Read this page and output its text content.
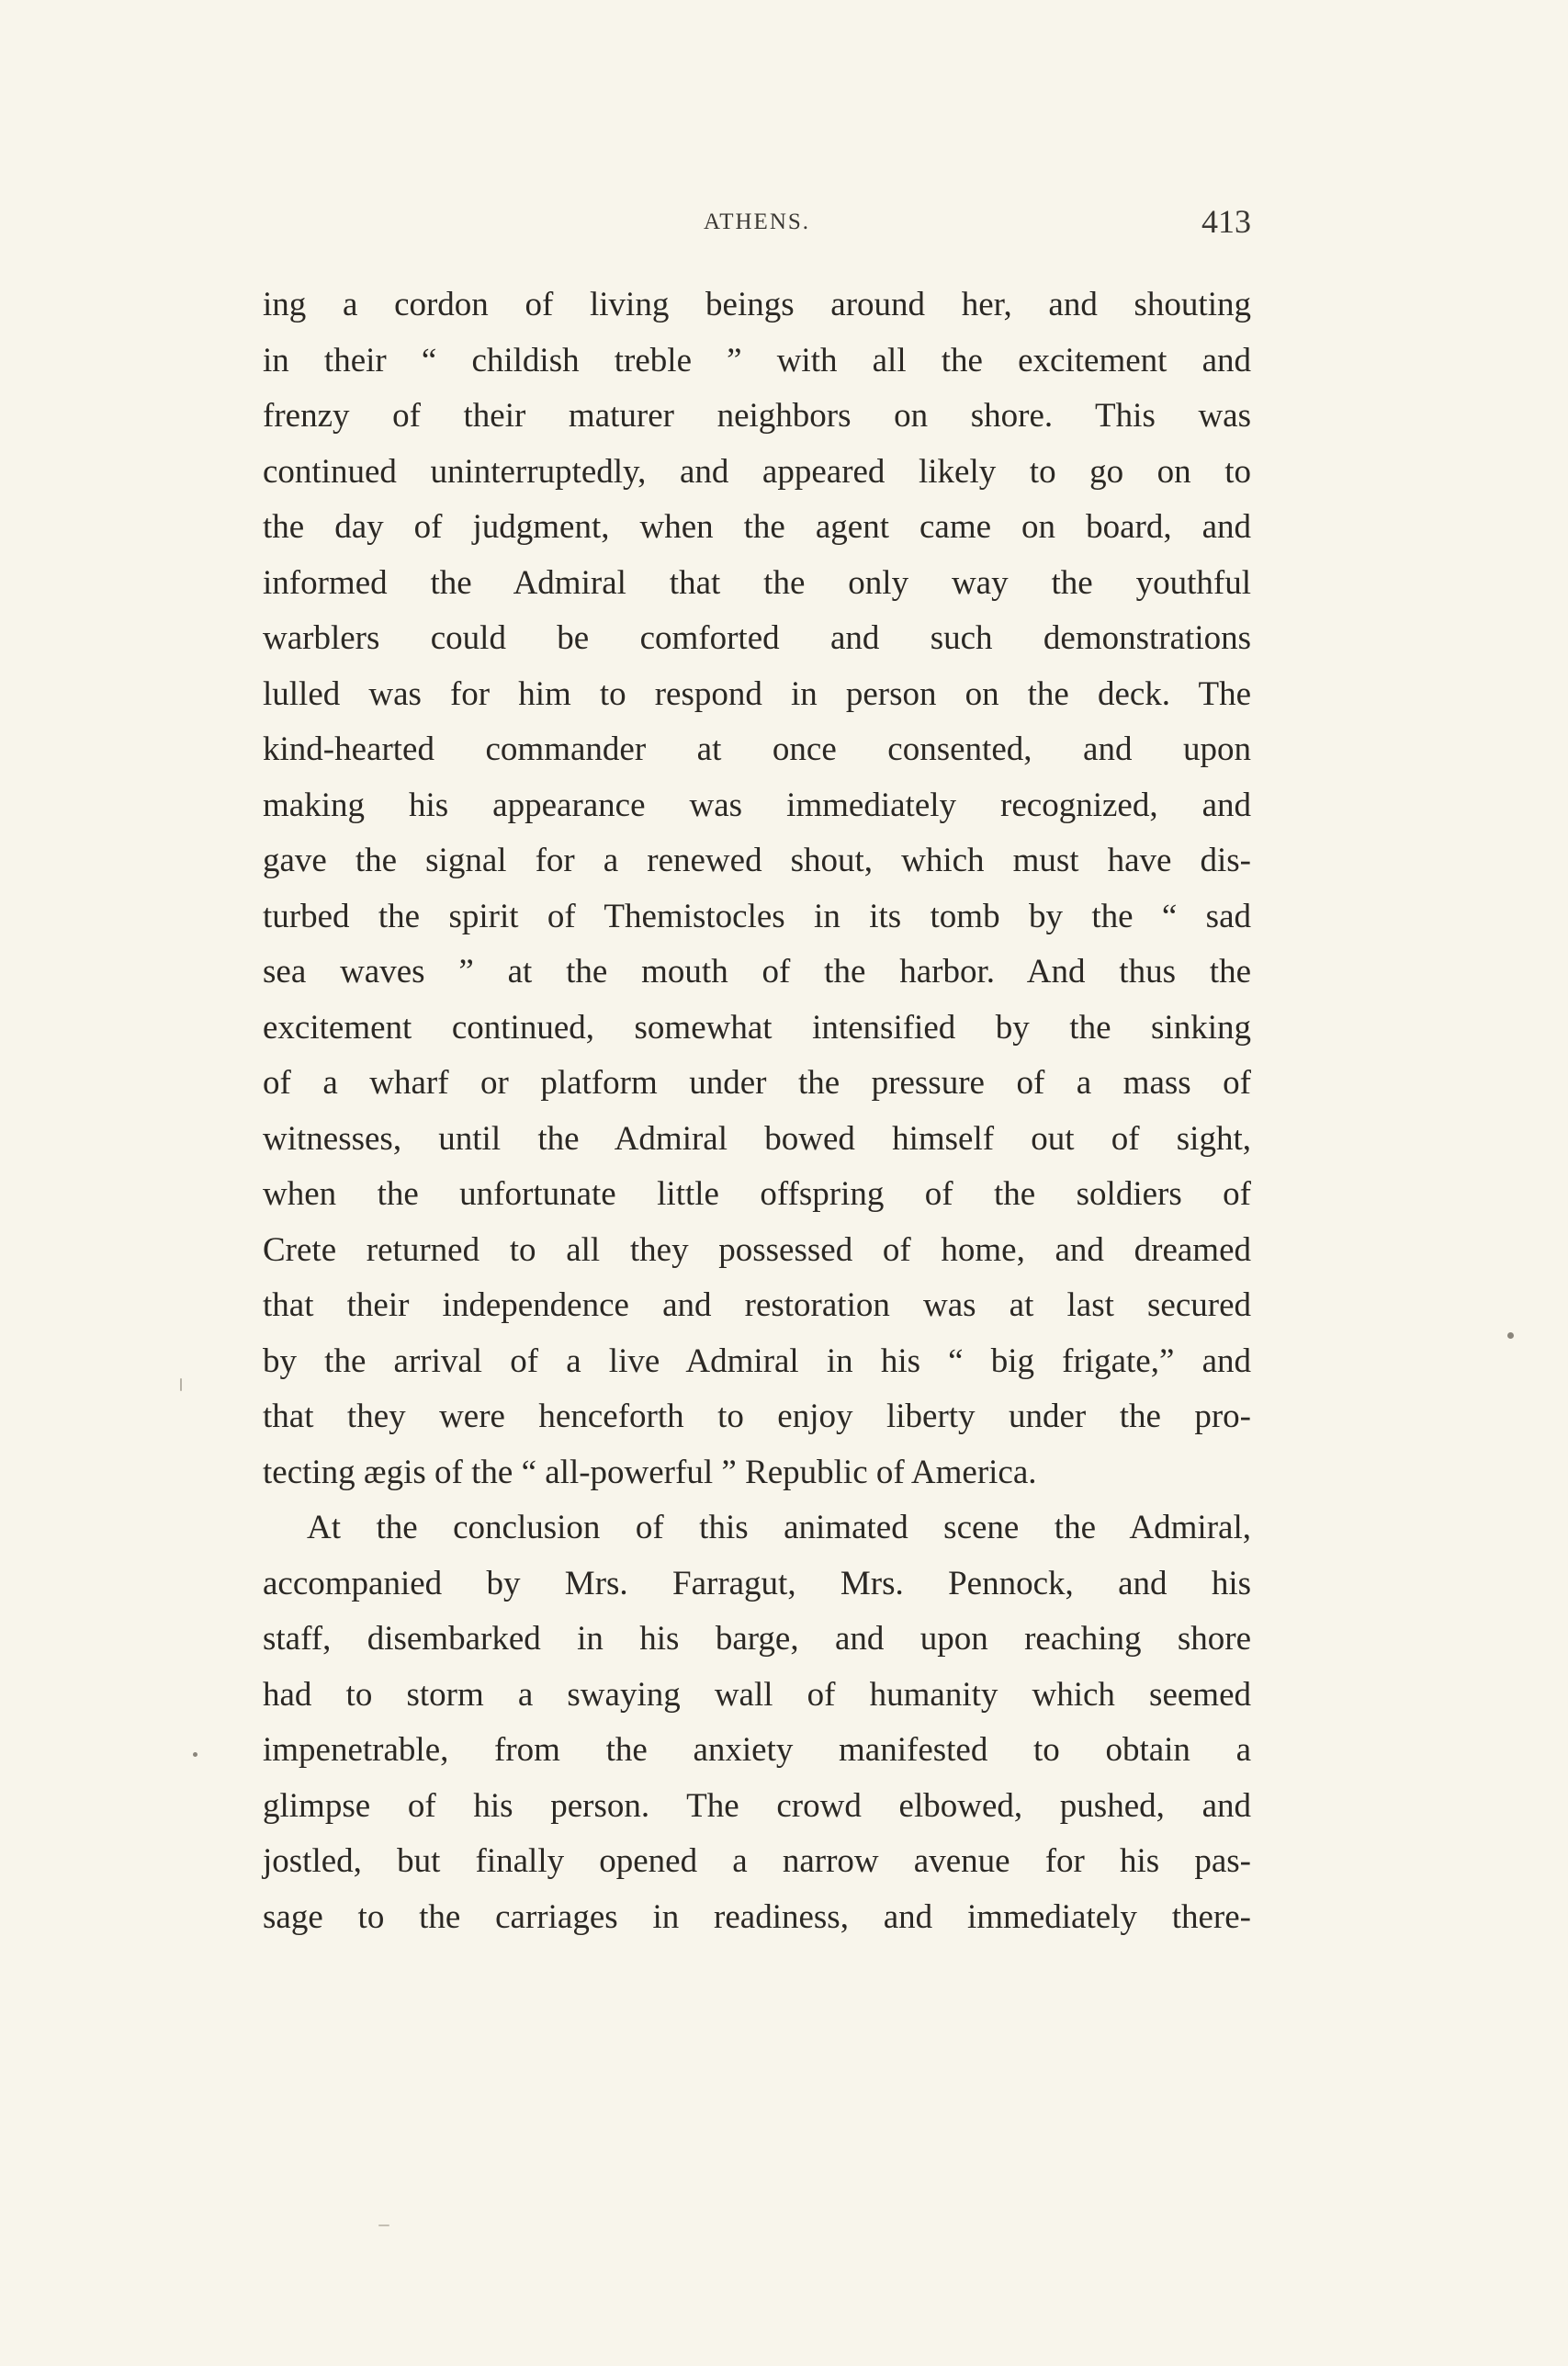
ATHENS.	413
ing a cordon of living beings around her, and shouting
in their “ childish treble ” with all the excitement and
frenzy of their maturer neighbors on shore. This was
continued uninterruptedly, and appeared likely to go on to
the day of judgment, when the agent came on board, and
informed the Admiral that the only way the youthful
warblers could be comforted and such demonstrations
lulled was for him to respond in person on the deck. The
kind-hearted commander at once consented, and upon
making his appearance was immediately recognized, and
gave the signal for a renewed shout, which must have dis-
turbed the spirit of Themistocles in its tomb by the “ sad
sea waves ” at the mouth of the harbor. And thus the
excitement continued, somewhat intensified by the sinking
of a wharf or platform under the pressure of a mass of
witnesses, until the Admiral bowed himself out of sight,
when the unfortunate little offspring of the soldiers of
Crete returned to all they possessed of home, and dreamed
that their independence and restoration was at last secured
by the arrival of a live Admiral in his “ big frigate,” and
that they were henceforth to enjoy liberty under the pro-
tecting ægis of the “ all-powerful ” Republic of America.
At the conclusion of this animated scene the Admiral,
accompanied by Mrs. Farragut, Mrs. Pennock, and his
staff, disembarked in his barge, and upon reaching shore
had to storm a swaying wall of humanity which seemed
impenetrable, from the anxiety manifested to obtain a
glimpse of his person. The crowd elbowed, pushed, and
jostled, but finally opened a narrow avenue for his pas-
sage to the carriages in readiness, and immediately there-
